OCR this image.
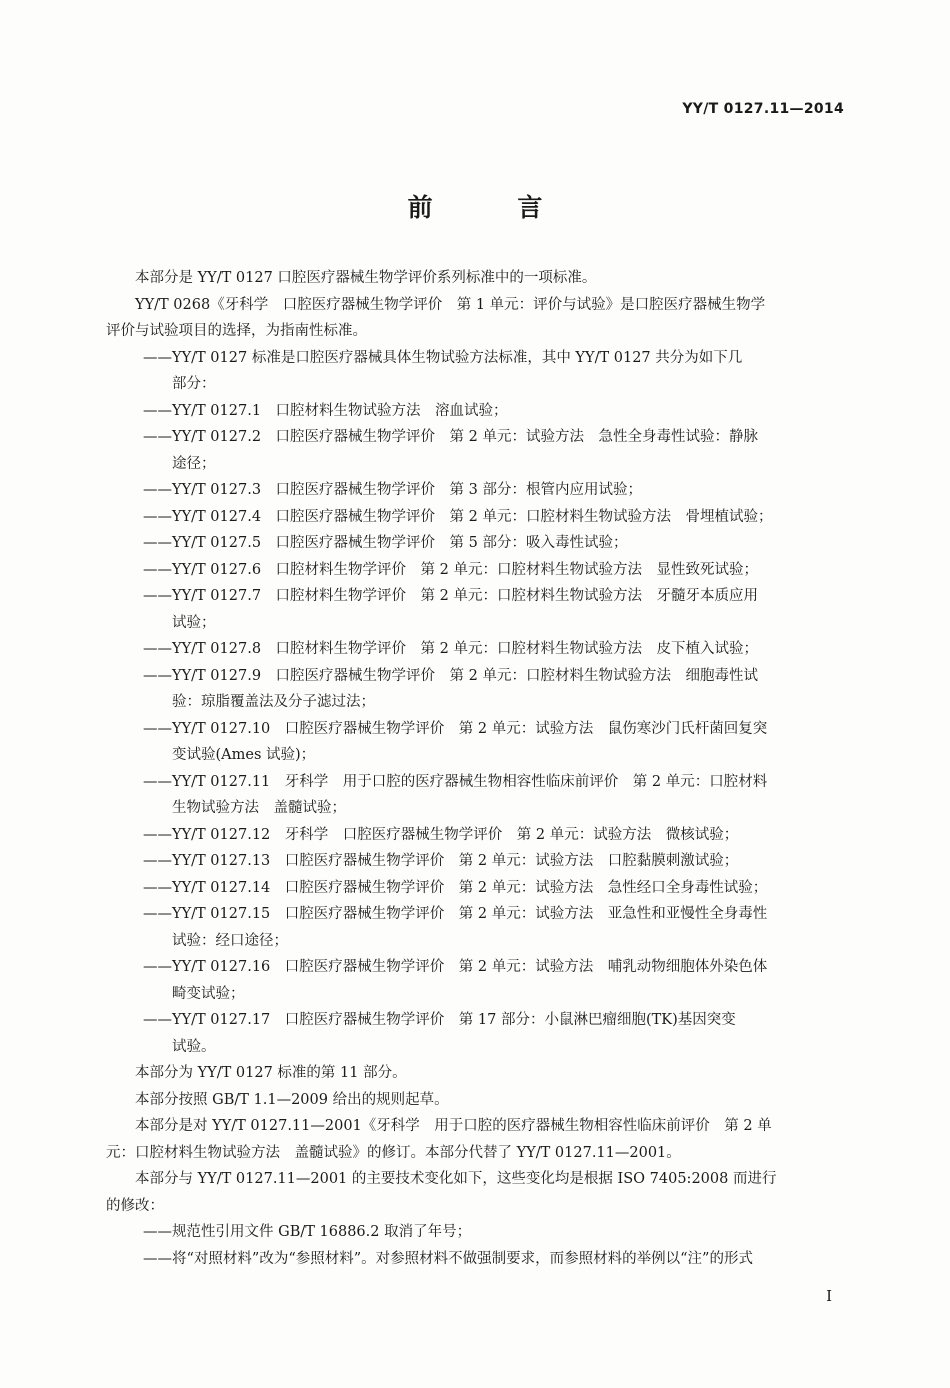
YY/T 0127.11—2014
前 言
本部分是 YY/T 0127 口腔医疗器械生物学评价系列标准中的一项标准。
YY/T 0268《牙科学　口腔医疗器械生物学评价　第 1 单元：评价与试验》是口腔医疗器械生物学
评价与试验项目的选择，为指南性标准。
——YY/T 0127 标准是口腔医疗器械具体生物试验方法标准，其中 YY/T 0127 共分为如下几
部分：
——YY/T 0127.1　口腔材料生物试验方法　溶血试验；
——YY/T 0127.2　口腔医疗器械生物学评价　第 2 单元：试验方法　急性全身毒性试验：静脉
途径；
——YY/T 0127.3　口腔医疗器械生物学评价　第 3 部分：根管内应用试验；
——YY/T 0127.4　口腔医疗器械生物学评价　第 2 单元：口腔材料生物试验方法　骨埋植试验；
——YY/T 0127.5　口腔医疗器械生物学评价　第 5 部分：吸入毒性试验；
——YY/T 0127.6　口腔材料生物学评价　第 2 单元：口腔材料生物试验方法　显性致死试验；
——YY/T 0127.7　口腔材料生物学评价　第 2 单元：口腔材料生物试验方法　牙髓牙本质应用
试验；
——YY/T 0127.8　口腔材料生物学评价　第 2 单元：口腔材料生物试验方法　皮下植入试验；
——YY/T 0127.9　口腔医疗器械生物学评价　第 2 单元：口腔材料生物试验方法　细胞毒性试
验：琼脂覆盖法及分子滤过法；
——YY/T 0127.10　口腔医疗器械生物学评价　第 2 单元：试验方法　鼠伤寒沙门氏杆菌回复突
变试验(Ames 试验)；
——YY/T 0127.11　牙科学　用于口腔的医疗器械生物相容性临床前评价　第 2 单元：口腔材料
生物试验方法　盖髓试验；
——YY/T 0127.12　牙科学　口腔医疗器械生物学评价　第 2 单元：试验方法　微核试验；
——YY/T 0127.13　口腔医疗器械生物学评价　第 2 单元：试验方法　口腔黏膜刺激试验；
——YY/T 0127.14　口腔医疗器械生物学评价　第 2 单元：试验方法　急性经口全身毒性试验；
——YY/T 0127.15　口腔医疗器械生物学评价　第 2 单元：试验方法　亚急性和亚慢性全身毒性
试验：经口途径；
——YY/T 0127.16　口腔医疗器械生物学评价　第 2 单元：试验方法　哺乳动物细胞体外染色体
畸变试验；
——YY/T 0127.17　口腔医疗器械生物学评价　第 17 部分：小鼠淋巴瘤细胞(TK)基因突变
试验。
本部分为 YY/T 0127 标准的第 11 部分。
本部分按照 GB/T 1.1—2009 给出的规则起草。
本部分是对 YY/T 0127.11—2001《牙科学　用于口腔的医疗器械生物相容性临床前评价　第 2 单
元：口腔材料生物试验方法　盖髓试验》的修订。本部分代替了 YY/T 0127.11—2001。
本部分与 YY/T 0127.11—2001 的主要技术变化如下，这些变化均是根据 ISO 7405:2008 而进行
的修改：
——规范性引用文件 GB/T 16886.2 取消了年号；
——将“对照材料”改为“参照材料”。对参照材料不做强制要求，而参照材料的举例以“注”的形式
I
